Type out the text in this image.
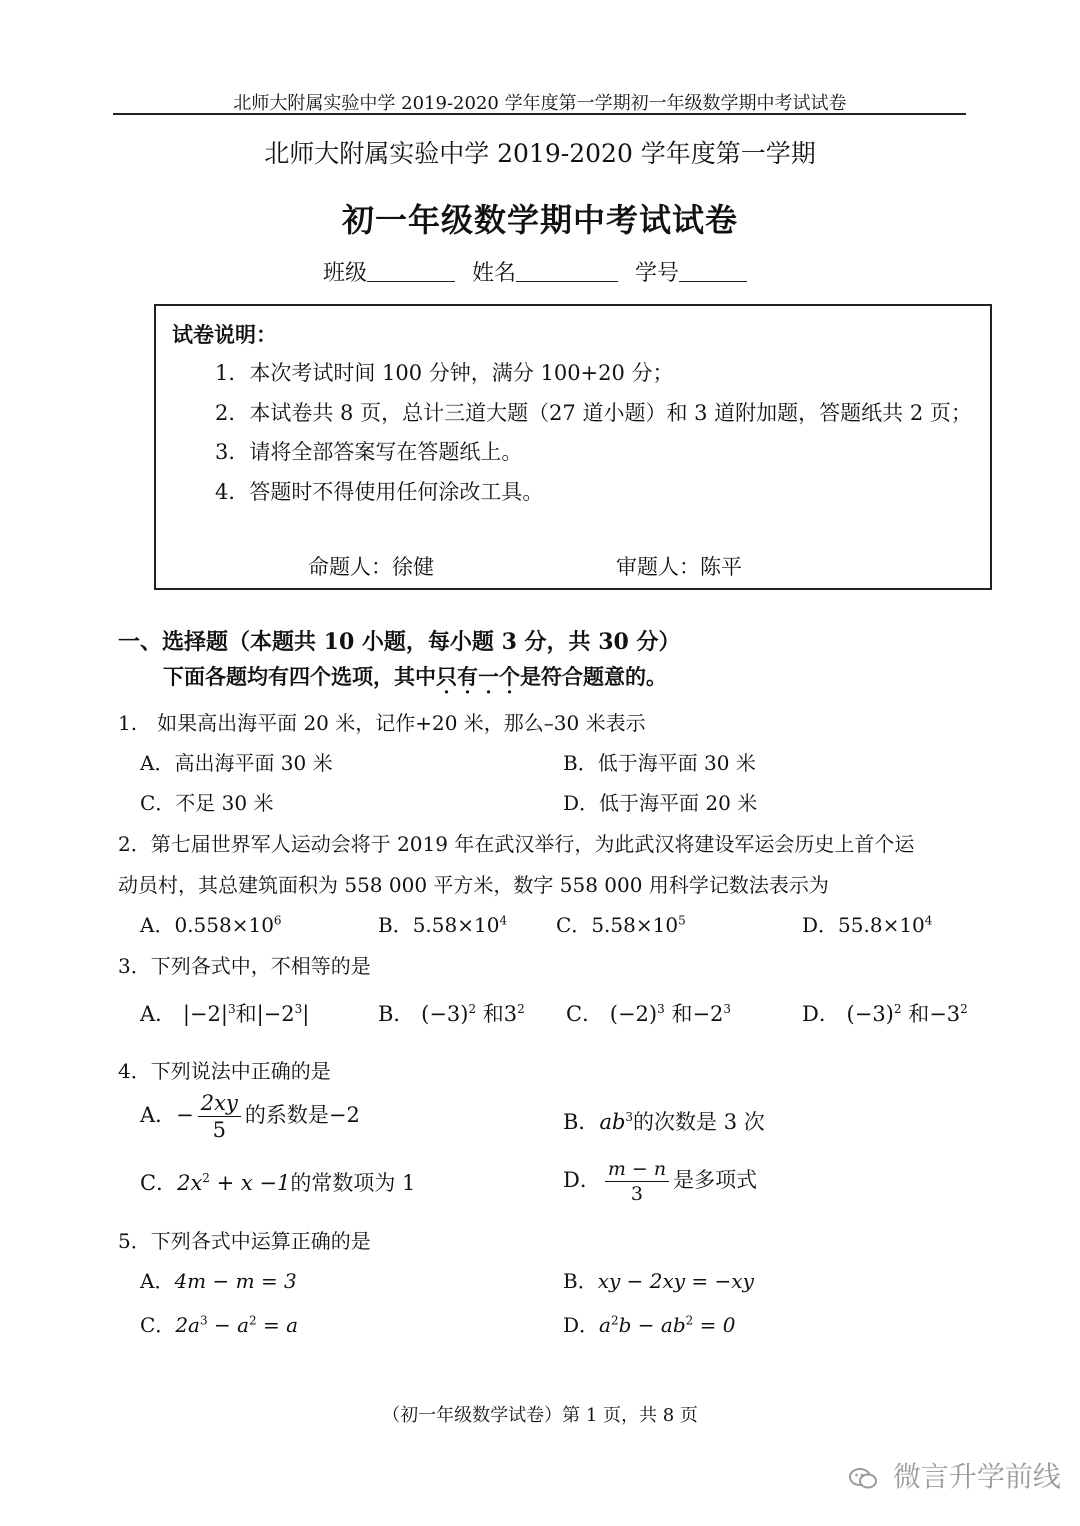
北师大附属实验中学 2019-2020 学年度第一学期初一年级数学期中考试试卷
北师大附属实验中学 2019-2020 学年度第一学期
初一年级数学期中考试试卷
班级	姓名	学号
试卷说明：
1．本次考试时间 100 分钟，满分 100+20 分；
2．本试卷共 8 页，总计三道大题（27 道小题）和 3 道附加题，答题纸共 2 页；
3．请将全部答案写在答题纸上。
4．答题时不得使用任何涂改工具。
命题人：徐健	审题人：陈平
一、选择题（本题共 10 小题，每小题 3 分，共 30 分）
下面各题均有四个选项，其中只有一个是符合题意的。
1.　如果高出海平面 20 米，记作+20 米，那么–30 米表示
A．高出海平面 30 米	B．低于海平面 30 米
C．不足 30 米	D．低于海平面 20 米
2．第七届世界军人运动会将于 2019 年在武汉举行，为此武汉将建设军运会历史上首个运
动员村，其总建筑面积为 558 000 平方米，数字 558 000 用科学记数法表示为
A．$0.558\times 10^6$	B．$5.58\times 10^4$ C．$5.58\times 10^5$	D．$55.8\times 10^4$
3．下列各式中，不相等的是
A． $|-2|^3$和$|-2^3|$	B． $(-3)^2$ 和$3^2$ C． $(-2)^3$ 和$-2^3$	D． $(-3)^2$ 和$-3^2$
4．下列说法中正确的是
A．− $\frac{2xy}{5}$ 的系数是−2	B．$ab^3$的次数是 3 次
C．$2x^2 + x -1$的常数项为 1	D． $\frac{m - n}{3}$ 是多项式
5．下列各式中运算正确的是
A．4m − m = 3	B．xy − 2xy = −xy
C．$2a^3 - a^2 = a$	D．$a^2b - ab^2 = 0$
（初一年级数学试卷）第 1 页，共 8 页
微言升学前线
